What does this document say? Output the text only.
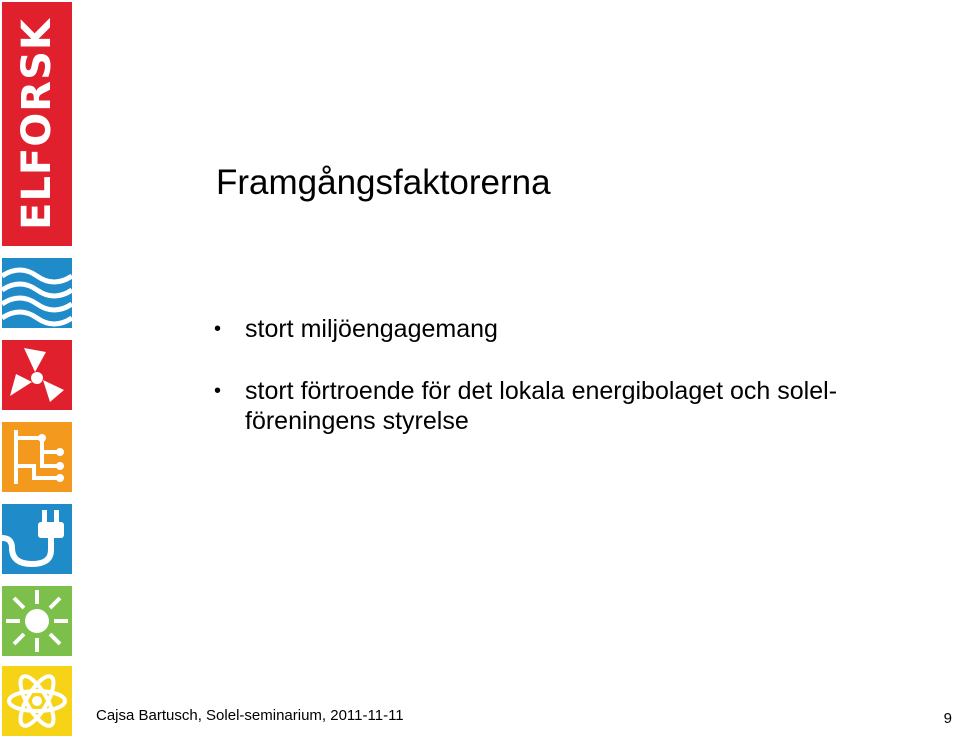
ELFORSK	Framgångsfaktorerna
• stort miljöengagemang
• stort förtroende för det lokala energibolaget och solel-föreningens styrelse
Cajsa Bartusch, Solel-seminarium, 2011-11-11	9
